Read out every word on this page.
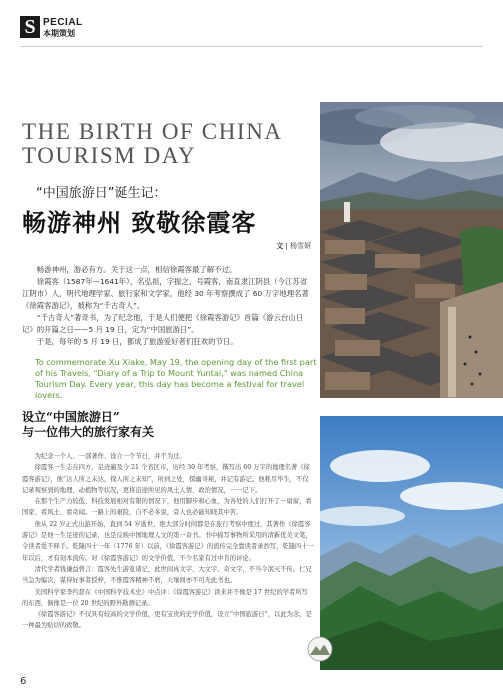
S PECIAL
本期策划
THE BIRTH OF CHINA
TOURISM DAY
“中国旅游日”诞生记：
畅游神州 致敬徐霞客
文 | 杨雪妍

畅游神州，游必有方。关于这一点，相信徐霞客最了解不过。

徐霞客（1587年—1641年），名弘祖，字振之，号霞客，南直隶江阴县（今江苏省江阴市）人，明代地理学家、旅行家和文学家，他经 30 年考察撰成了 60 万字地理名著《徐霞客游记》，被称为“千古奇人”。

“千古奇人”著奇书，为了纪念他，于是人们便把《徐霞客游记》首篇《游云台山日记》的开篇之日——5 月 19 日，定为“中国旅游日”。

于是，每年的 5 月 19 日，都成了旅游爱好者们狂欢的节日。

To commemorate Xu Xiake, May 19, the opening day of the first part of his Travels, "Diary of a Trip to Mount Yuntai," was named China Tourism Day. Every year, this day has become a festival for travel lovers.
设立“中国旅游日”
与一位伟大的旅行家有关

为纪念一个人、一部著作、设立一个节日，并不为过。

徐霞客一生志在四方，足迹遍及今 21 个省区市，历经 30 年考察，撰写出 60 万字的地理名著《徐霞客游记》，他“达人所之未达，探人所之未知”，所到之处，探幽寻秘，并记有游记。他耗尽毕生，不仅记录观察到的地理、动植物等状况，更将沿途所见的风土人情、政治情况，一一记下。

在那个生产力较低、科技发展相对有限的情况下，他用脚步和心血，为各处的人们打开了一扇窗，看国家、看风土、看奇闻。一路上的艰险，自不必多说，旁人也必能知晓其中苦。

他从 22 岁正式出游开始，直到 54 岁逝世，绝大部分时间都是在旅行考察中度过，其著作《徐霞客游记》是他一生足迹的记录，也是反映中国地理人文的第一奇书。书中描写事物所采用的清新优美文笔，令读者爱不释手。乾隆四十一年（1776 年）以前，《徐霞客游记》的流传完全靠读者录抄写，乾隆四十一年以后，才有刻本流传。对《徐霞客游记》的文学价值，不少名家有过中肯的评论。

清代学者钱谦益曾言：霞客先生游览诸记，此世间真文字、大文字、奇文字，不当令泯灭不传。仁兄当急为编次，谋得好事者授梓，不惟霞客精神不磨，天壤间亦不可无此书也。

美国科学家李约瑟在《中国科学技术史》中点评：《徐霞客游记》读来并不像是 17 世纪的学者所写的东西，倒像是一位 20 世纪的野外勘测记录。

《徐霞客游记》不仅具有较高的文学价值，更有宝贵的史学价值，设立“中国旅游日”，以此为念，是一种最为贴切的致敬。

6
